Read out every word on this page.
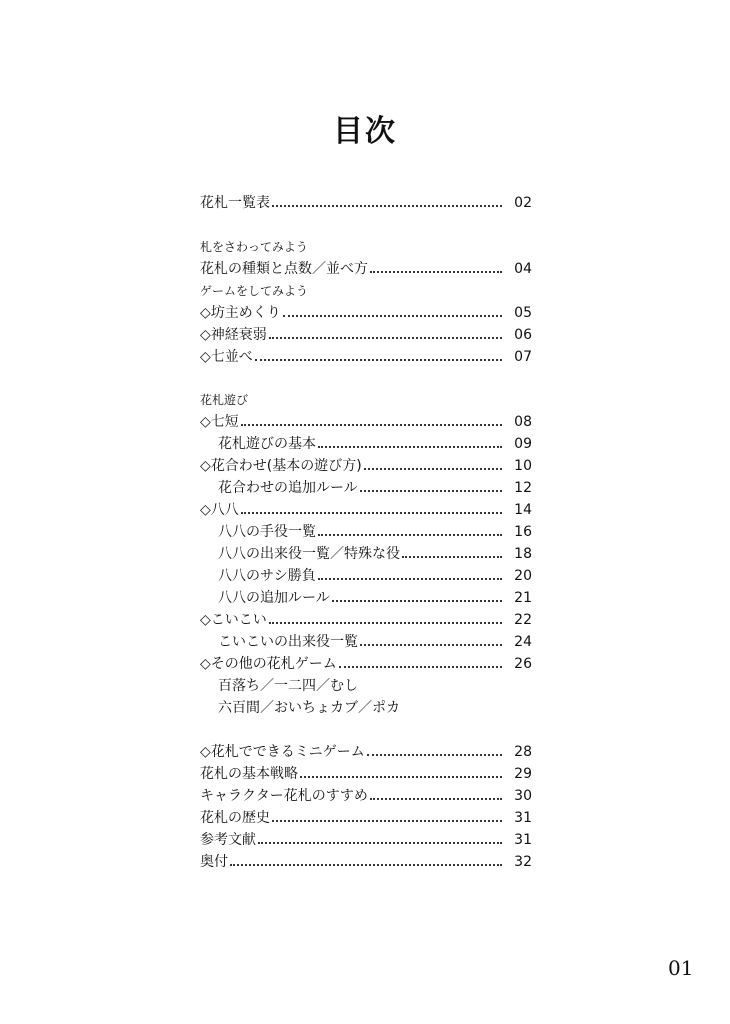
目次
花札一覧表	02
札をさわってみよう
花札の種類と点数／並べ方	04
ゲームをしてみよう
◇坊主めくり	05
◇神経衰弱	06
◇七並べ	07
花札遊び
◇七短	08
花札遊びの基本	09
◇花合わせ(基本の遊び方)	10
花合わせの追加ルール	12
◇八八	14
八八の手役一覧	16
八八の出来役一覧／特殊な役	18
八八のサシ勝負	20
八八の追加ルール	21
◇こいこい	22
こいこいの出来役一覧	24
◇その他の花札ゲーム	26
百落ち／一二四／むし
六百間／おいちょカブ／ポカ
◇花札でできるミニゲーム	28
花札の基本戦略	29
キャラクター花札のすすめ	30
花札の歴史	31
参考文献	31
奥付	32
01
